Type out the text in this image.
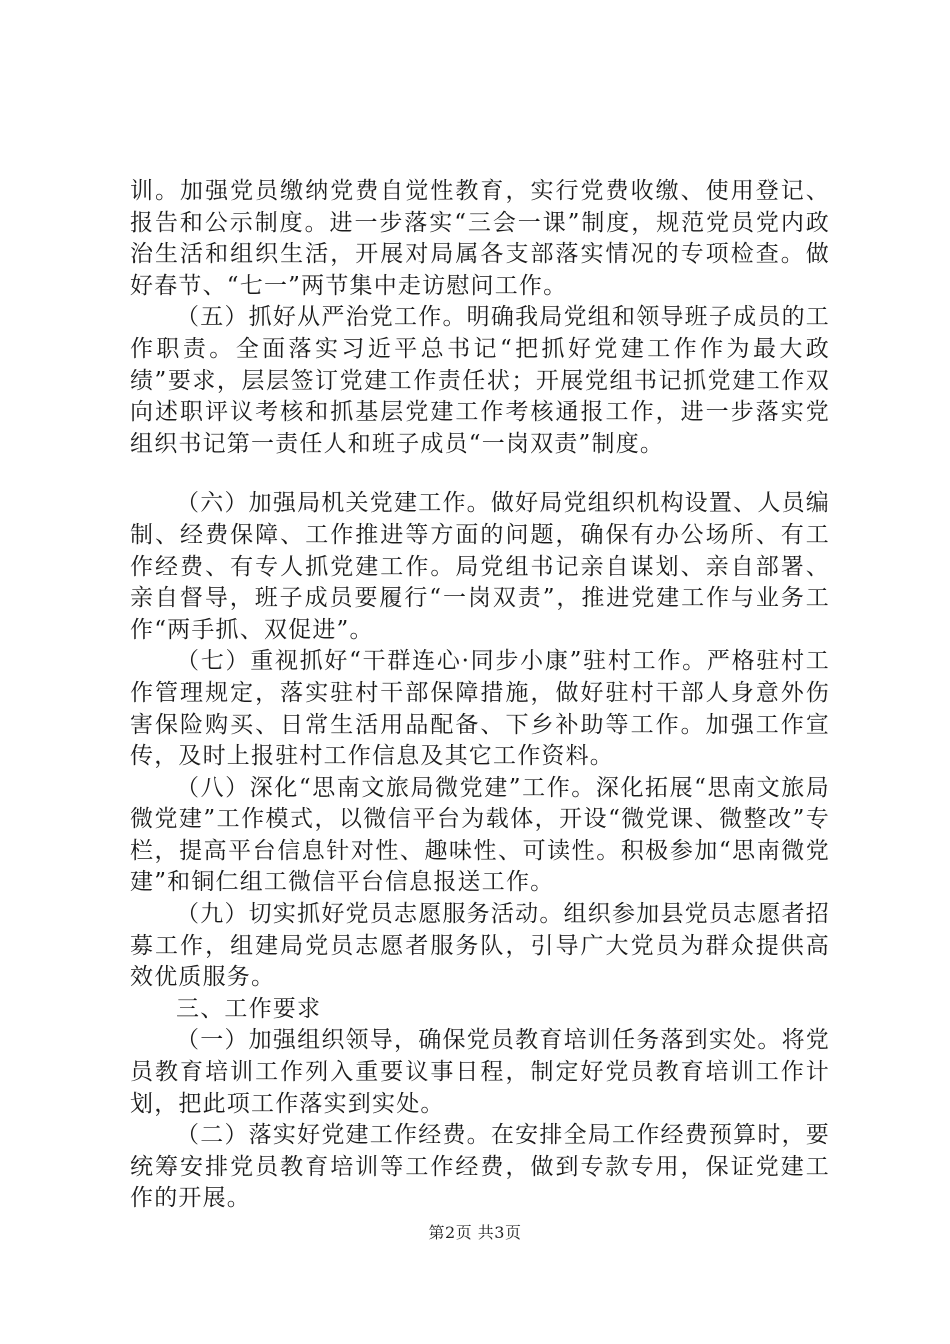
训。加强党员缴纳党费自觉性教育，实行党费收缴、使用登记、报告和公示制度。进一步落实“三会一课”制度，规范党员党内政治生活和组织生活，开展对局属各支部落实情况的专项检查。做好春节、“七一”两节集中走访慰问工作。

（五）抓好从严治党工作。明确我局党组和领导班子成员的工作职责。全面落实习近平总书记“把抓好党建工作作为最大政绩”要求，层层签订党建工作责任状；开展党组书记抓党建工作双向述职评议考核和抓基层党建工作考核通报工作，进一步落实党组织书记第一责任人和班子成员“一岗双责”制度。

（六）加强局机关党建工作。做好局党组织机构设置、人员编制、经费保障、工作推进等方面的问题，确保有办公场所、有工作经费、有专人抓党建工作。局党组书记亲自谋划、亲自部署、亲自督导，班子成员要履行“一岗双责”，推进党建工作与业务工作“两手抓、双促进”。

（七）重视抓好“干群连心·同步小康”驻村工作。严格驻村工作管理规定，落实驻村干部保障措施，做好驻村干部人身意外伤害保险购买、日常生活用品配备、下乡补助等工作。加强工作宣传，及时上报驻村工作信息及其它工作资料。

（八）深化“思南文旅局微党建”工作。深化拓展“思南文旅局微党建”工作模式，以微信平台为载体，开设“微党课、微整改”专栏，提高平台信息针对性、趣味性、可读性。积极参加“思南微党建”和铜仁组工微信平台信息报送工作。

（九）切实抓好党员志愿服务活动。组织参加县党员志愿者招募工作，组建局党员志愿者服务队，引导广大党员为群众提供高效优质服务。

三、工作要求

（一）加强组织领导，确保党员教育培训任务落到实处。将党员教育培训工作列入重要议事日程，制定好党员教育培训工作计划，把此项工作落实到实处。

（二）落实好党建工作经费。在安排全局工作经费预算时，要统筹安排党员教育培训等工作经费，做到专款专用，保证党建工作的开展。

第2页 共3页
